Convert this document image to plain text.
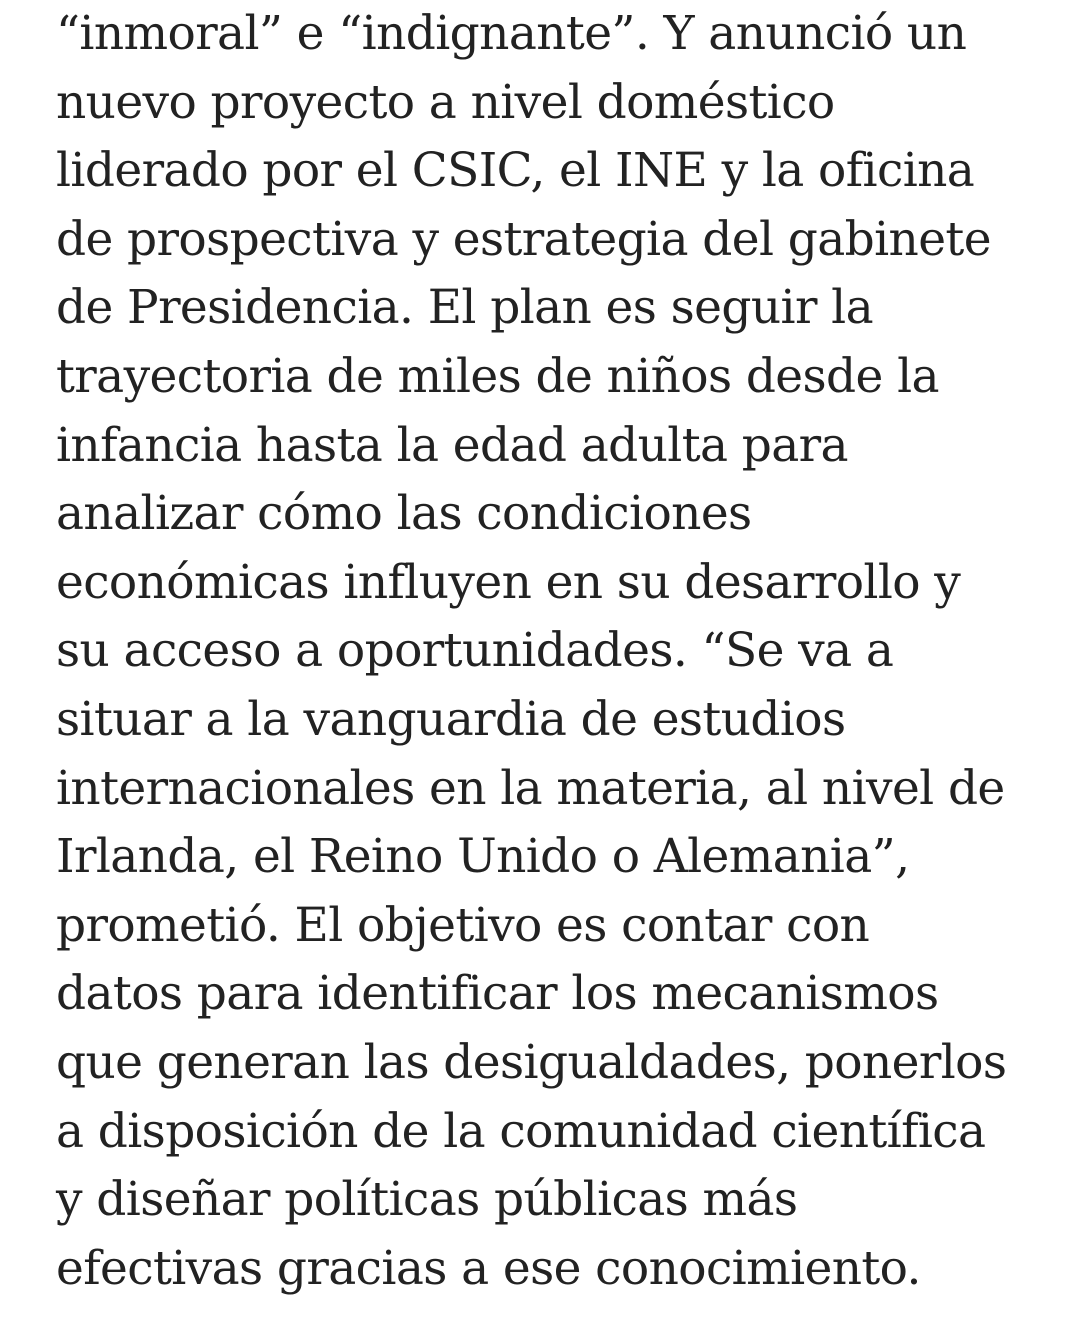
“inmoral” e “indignante”. Y anunció un
nuevo proyecto a nivel doméstico
liderado por el CSIC, el INE y la oficina
de prospectiva y estrategia del gabinete
de Presidencia. El plan es seguir la
trayectoria de miles de niños desde la
infancia hasta la edad adulta para
analizar cómo las condiciones
económicas influyen en su desarrollo y
su acceso a oportunidades. “Se va a
situar a la vanguardia de estudios
internacionales en la materia, al nivel de
Irlanda, el Reino Unido o Alemania”,
prometió. El objetivo es contar con
datos para identificar los mecanismos
que generan las desigualdades, ponerlos
a disposición de la comunidad científica
y diseñar políticas públicas más
efectivas gracias a ese conocimiento.
